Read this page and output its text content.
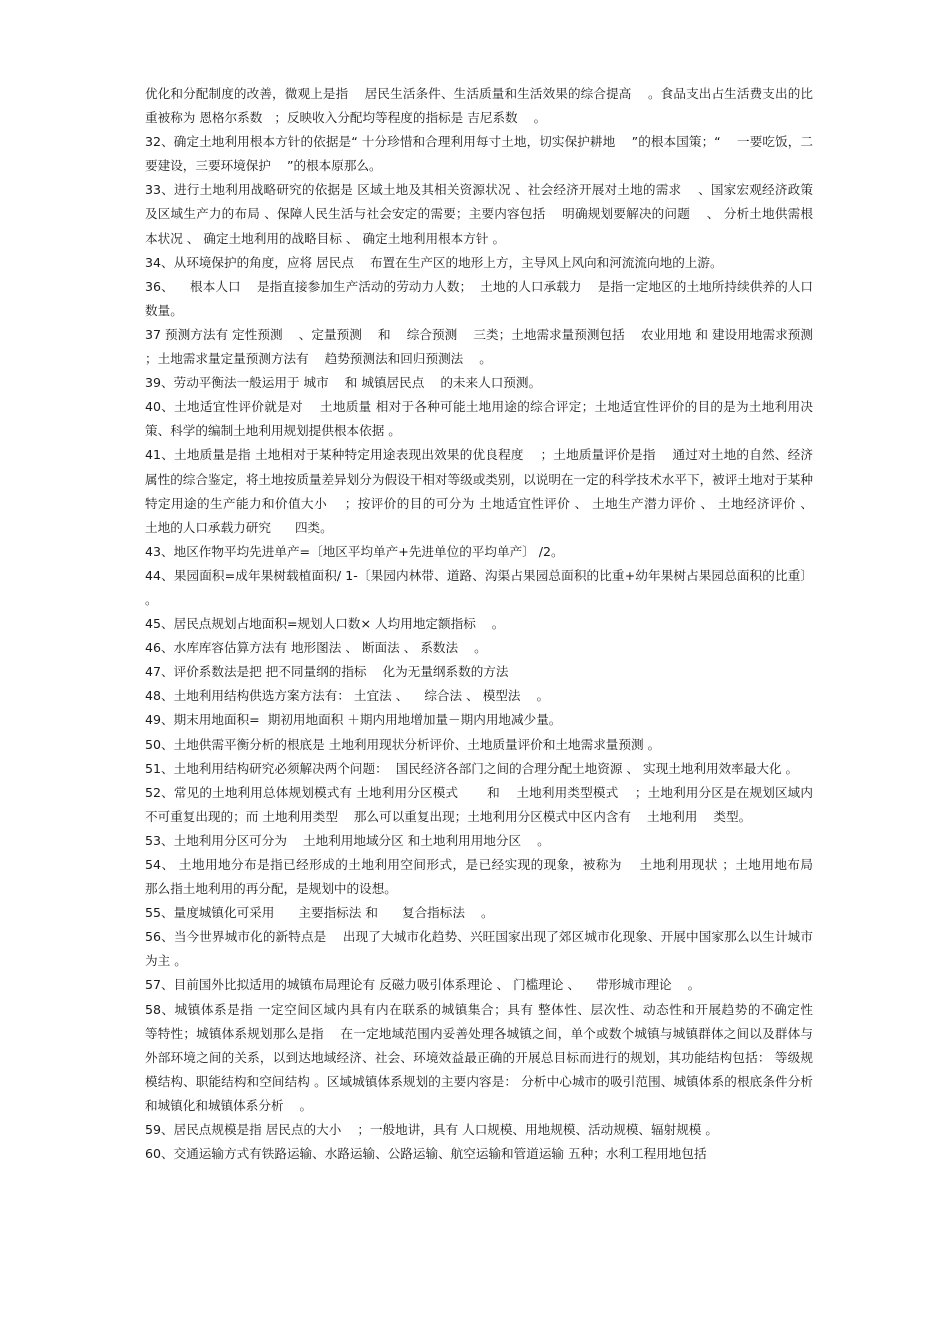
优化和分配制度的改善，微观上是指    居民生活条件、生活质量和生活效果的综合提高    。食品支出占生活费支出的比重被称为 恩格尔系数   ；反映收入分配均等程度的指标是 吉尼系数    。

32、确定土地利用根本方针的依据是“ 十分珍惜和合理利用每寸土地，切实保护耕地    ”的根本国策；“    一要吃饭，二要建设，三要环境保护    ”的根本原那么。

33、进行土地利用战略研究的依据是 区域土地及其相关资源状况 、社会经济开展对土地的需求    、国家宏观经济政策及区域生产力的布局 、保障人民生活与社会安定的需要；主要内容包括    明确规划要解决的问题    、 分析土地供需根本状况 、 确定土地利用的战略目标 、 确定土地利用根本方针 。

34、从环境保护的角度，应将 居民点    布置在生产区的地形上方，主导风上风向和河流流向地的上游。

36、    根本人口    是指直接参加生产活动的劳动力人数；  土地的人口承载力    是指一定地区的土地所持续供养的人口数量。

37 预测方法有 定性预测    、定量预测    和    综合预测    三类；土地需求量预测包括    农业用地 和 建设用地需求预测    ；土地需求量定量预测方法有    趋势预测法和回归预测法    。

39、劳动平衡法一般运用于 城市    和 城镇居民点    的未来人口预测。

40、土地适宜性评价就是对    土地质量 相对于各种可能土地用途的综合评定；土地适宜性评价的目的是为土地利用决策、科学的编制土地利用规划提供根本依据 。

41、土地质量是指 土地相对于某种特定用途表现出效果的优良程度    ；土地质量评价是指    通过对土地的自然、经济属性的综合鉴定，将土地按质量差异划分为假设干相对等级或类别，以说明在一定的科学技术水平下，被评土地对于某种特定用途的生产能力和价值大小    ；按评价的目的可分为 土地适宜性评价 、 土地生产潜力评价 、 土地经济评价 、    土地的人口承载力研究      四类。

43、地区作物平均先进单产=〔地区平均单产+先进单位的平均单产〕 /2。

44、果园面积=成年果树载植面积/ 1-〔果园内林带、道路、沟渠占果园总面积的比重+幼年果树占果园总面积的比重〕 。

45、居民点规划占地面积=规划人口数× 人均用地定额指标    。

46、水库库容估算方法有 地形图法 、 断面法 、 系数法    。

47、评价系数法是把 把不同量纲的指标    化为无量纲系数的方法

48、土地利用结构供选方案方法有： 土宜法 、    综合法 、 模型法    。

49、期末用地面积=  期初用地面积 ＋期内用地增加量－期内用地减少量。

50、土地供需平衡分析的根底是 土地利用现状分析评价、土地质量评价和土地需求量预测 。

51、土地利用结构研究必须解决两个问题：  国民经济各部门之间的合理分配土地资源 、 实现土地利用效率最大化 。

52、常见的土地利用总体规划模式有 土地利用分区模式       和    土地利用类型模式    ；土地利用分区是在规划区域内不可重复出现的；而 土地利用类型    那么可以重复出现；土地利用分区模式中区内含有    土地利用    类型。

53、土地利用分区可分为    土地利用地域分区 和土地利用用地分区    。

54、 土地用地分布是指已经形成的土地利用空间形式，是已经实现的现象，被称为    土地利用现状 ；土地用地布局    那么指土地利用的再分配，是规划中的设想。

55、量度城镇化可采用      主要指标法 和      复合指标法    。

56、当今世界城市化的新特点是    出现了大城市化趋势、兴旺国家出现了郊区城市化现象、开展中国家那么以生计城市为主 。

57、目前国外比拟适用的城镇布局理论有 反磁力吸引体系理论 、 门槛理论 、    带形城市理论    。

58、城镇体系是指 一定空间区域内具有内在联系的城镇集合；具有 整体性、层次性、动态性和开展趋势的不确定性    等特性；城镇体系规划那么是指    在一定地域范围内妥善处理各城镇之间，单个或数个城镇与城镇群体之间以及群体与外部环境之间的关系，以到达地域经济、社会、环境效益最正确的开展总目标而进行的规划，其功能结构包括： 等级规模结构、职能结构和空间结构 。区域城镇体系规划的主要内容是： 分析中心城市的吸引范围、城镇体系的根底条件分析和城镇化和城镇体系分析    。

59、居民点规模是指 居民点的大小    ；一般地讲，具有 人口规模、用地规模、活动规模、辐射规模 。

60、交通运输方式有铁路运输、水路运输、公路运输、航空运输和管道运输 五种；水利工程用地包括
